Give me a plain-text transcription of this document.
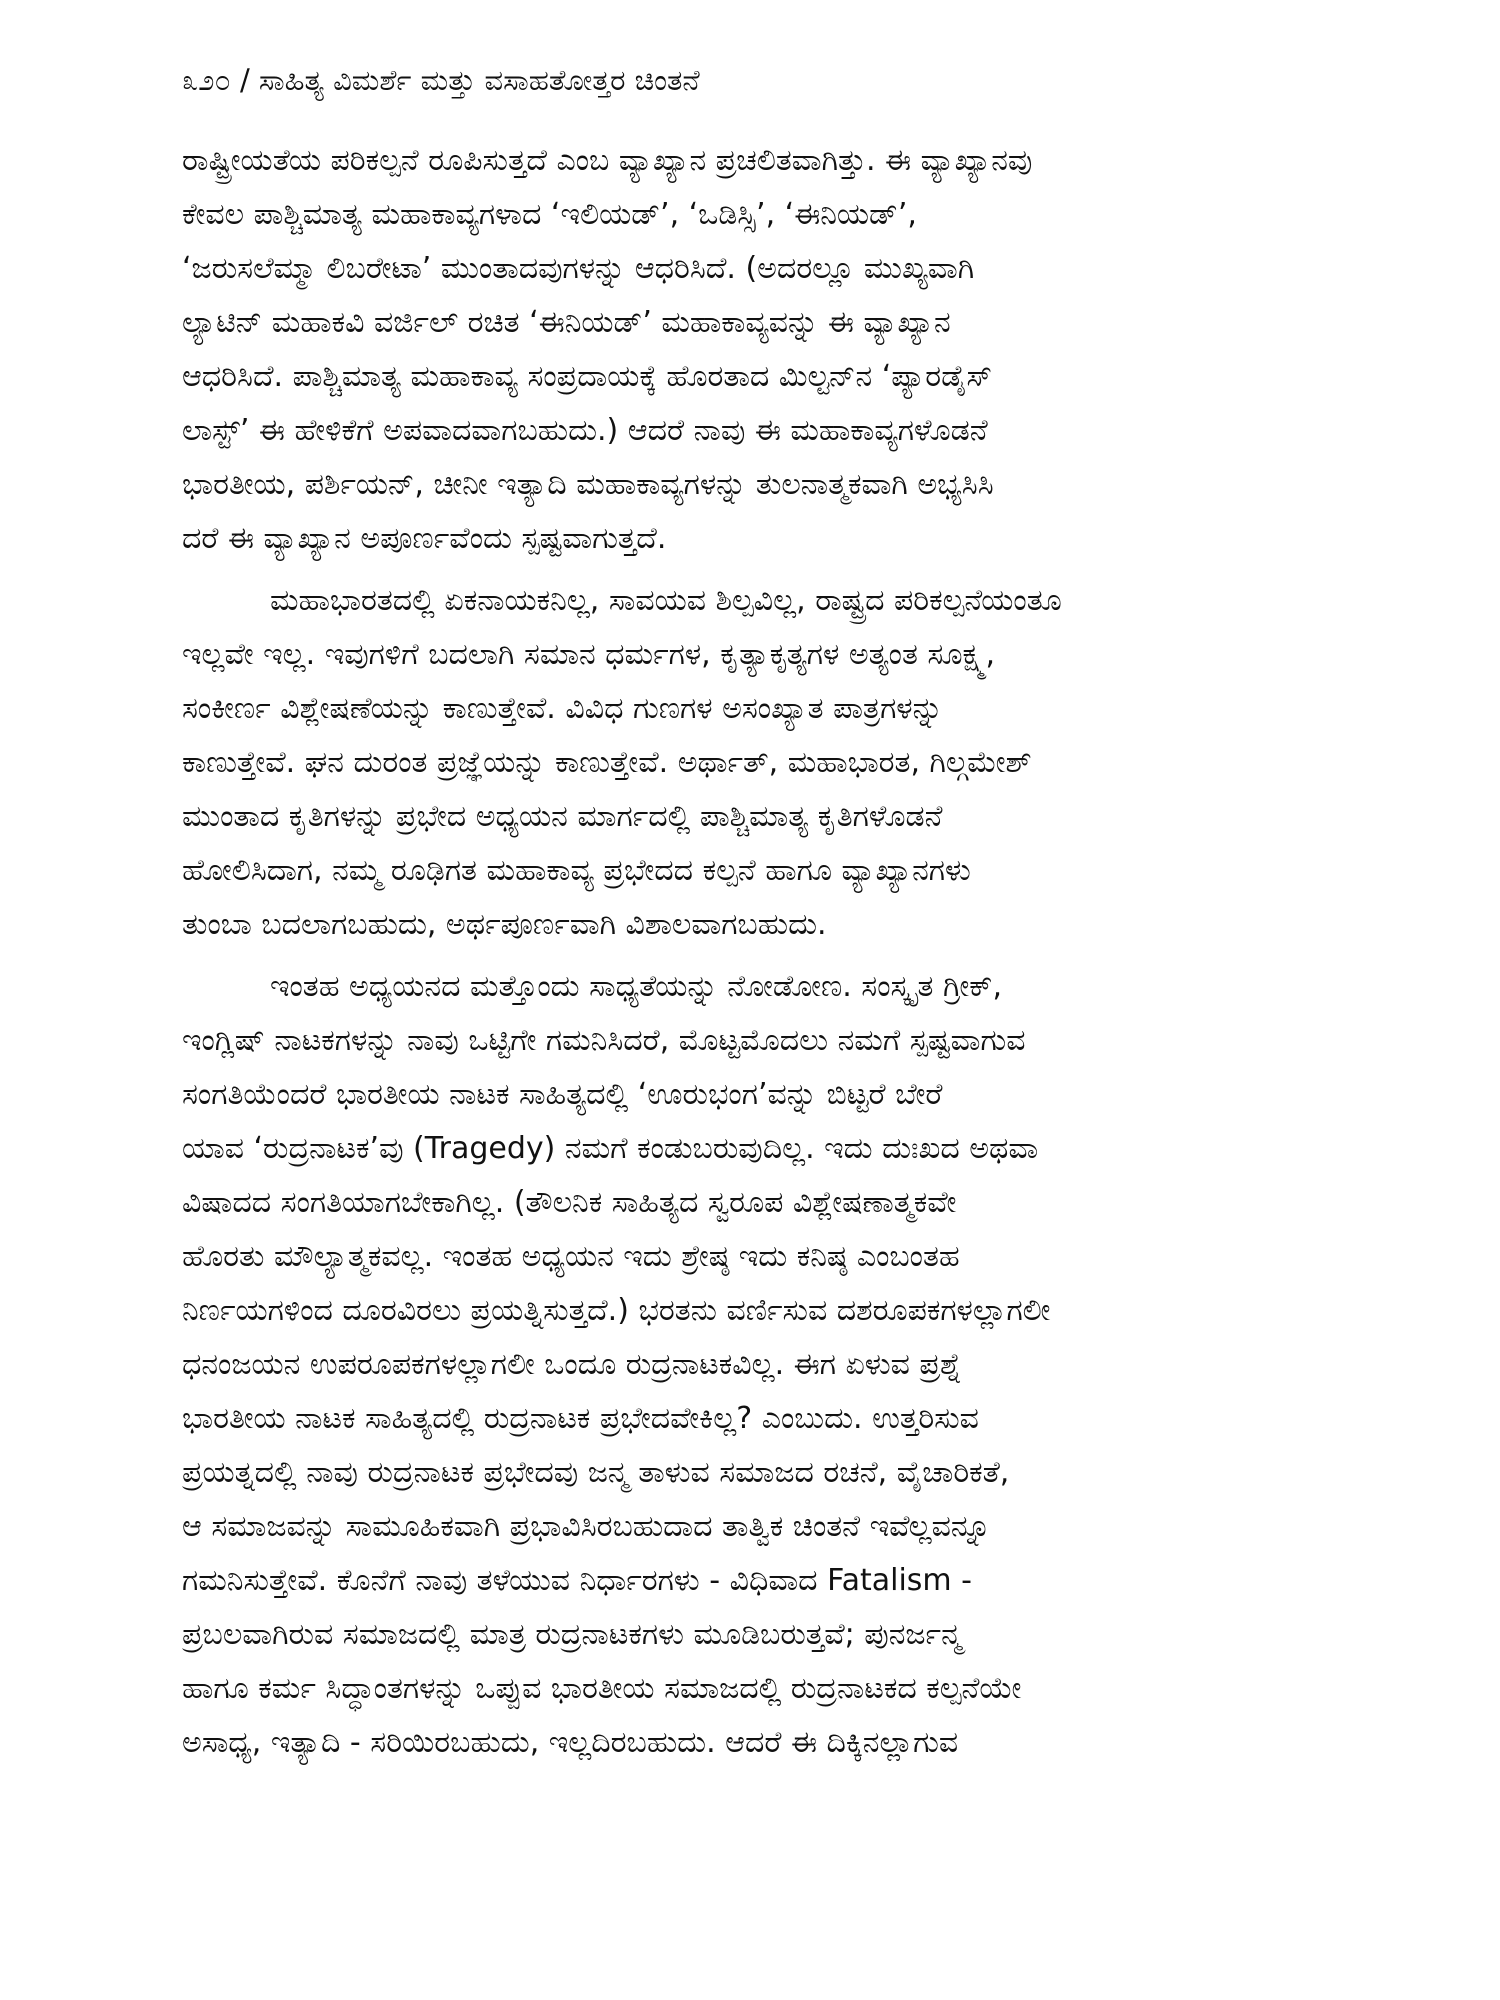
೩೨೦ / ಸಾಹಿತ್ಯ ವಿಮರ್ಶೆ ಮತ್ತು ವಸಾಹತೋತ್ತರ ಚಿಂತನೆ
ರಾಷ್ಟ್ರೀಯತೆಯ ಪರಿಕಲ್ಪನೆ ರೂಪಿಸುತ್ತದೆ ಎಂಬ ವ್ಯಾಖ್ಯಾನ ಪ್ರಚಲಿತವಾಗಿತ್ತು. ಈ ವ್ಯಾಖ್ಯಾನವು
ಕೇವಲ ಪಾಶ್ಚಿಮಾತ್ಯ ಮಹಾಕಾವ್ಯಗಳಾದ ‘ಇಲಿಯಡ್’, ‘ಒಡಿಸ್ಸಿ’, ‘ಈನಿಯಡ್’,
‘ಜರುಸಲೆಮ್ಮಾ ಲಿಬರೇಟಾ’ ಮುಂತಾದವುಗಳನ್ನು ಆಧರಿಸಿದೆ. (ಅದರಲ್ಲೂ ಮುಖ್ಯವಾಗಿ
ಲ್ಯಾಟಿನ್ ಮಹಾಕವಿ ವರ್ಜಿಲ್ ರಚಿತ ‘ಈನಿಯಡ್’ ಮಹಾಕಾವ್ಯವನ್ನು ಈ ವ್ಯಾಖ್ಯಾನ
ಆಧರಿಸಿದೆ. ಪಾಶ್ಚಿಮಾತ್ಯ ಮಹಾಕಾವ್ಯ ಸಂಪ್ರದಾಯಕ್ಕೆ ಹೊರತಾದ ಮಿಲ್ಟನ್‌ನ ‘ಪ್ಯಾರಡೈಸ್
ಲಾಸ್ಟ್’ ಈ ಹೇಳಿಕೆಗೆ ಅಪವಾದವಾಗಬಹುದು.) ಆದರೆ ನಾವು ಈ ಮಹಾಕಾವ್ಯಗಳೊಡನೆ
ಭಾರತೀಯ, ಪರ್ಶಿಯನ್, ಚೀನೀ ಇತ್ಯಾದಿ ಮಹಾಕಾವ್ಯಗಳನ್ನು ತುಲನಾತ್ಮಕವಾಗಿ ಅಭ್ಯಸಿಸಿ
ದರೆ ಈ ವ್ಯಾಖ್ಯಾನ ಅಪೂರ್ಣವೆಂದು ಸ್ಪಷ್ಟವಾಗುತ್ತದೆ.
ಮಹಾಭಾರತದಲ್ಲಿ ಏಕನಾಯಕನಿಲ್ಲ, ಸಾವಯವ ಶಿಲ್ಪವಿಲ್ಲ, ರಾಷ್ಟ್ರದ ಪರಿಕಲ್ಪನೆಯಂತೂ
ಇಲ್ಲವೇ ಇಲ್ಲ. ಇವುಗಳಿಗೆ ಬದಲಾಗಿ ಸಮಾನ ಧರ್ಮಗಳ, ಕೃತ್ಯಾಕೃತ್ಯಗಳ ಅತ್ಯಂತ ಸೂಕ್ಷ್ಮ,
ಸಂಕೀರ್ಣ ವಿಶ್ಲೇಷಣೆಯನ್ನು ಕಾಣುತ್ತೇವೆ. ವಿವಿಧ ಗುಣಗಳ ಅಸಂಖ್ಯಾತ ಪಾತ್ರಗಳನ್ನು
ಕಾಣುತ್ತೇವೆ. ಘನ ದುರಂತ ಪ್ರಜ್ಞೆಯನ್ನು ಕಾಣುತ್ತೇವೆ. ಅರ್ಥಾತ್, ಮಹಾಭಾರತ, ಗಿಲ್ಗಮೇಶ್
ಮುಂತಾದ ಕೃತಿಗಳನ್ನು ಪ್ರಭೇದ ಅಧ್ಯಯನ ಮಾರ್ಗದಲ್ಲಿ ಪಾಶ್ಚಿಮಾತ್ಯ ಕೃತಿಗಳೊಡನೆ
ಹೋಲಿಸಿದಾಗ, ನಮ್ಮ ರೂಢಿಗತ ಮಹಾಕಾವ್ಯ ಪ್ರಭೇದದ ಕಲ್ಪನೆ ಹಾಗೂ ವ್ಯಾಖ್ಯಾನಗಳು
ತುಂಬಾ ಬದಲಾಗಬಹುದು, ಅರ್ಥಪೂರ್ಣವಾಗಿ ವಿಶಾಲವಾಗಬಹುದು.
ಇಂತಹ ಅಧ್ಯಯನದ ಮತ್ತೊಂದು ಸಾಧ್ಯತೆಯನ್ನು ನೋಡೋಣ. ಸಂಸ್ಕೃತ ಗ್ರೀಕ್,
ಇಂಗ್ಲಿಷ್ ನಾಟಕಗಳನ್ನು ನಾವು ಒಟ್ಟಿಗೇ ಗಮನಿಸಿದರೆ, ಮೊಟ್ಟಮೊದಲು ನಮಗೆ ಸ್ಪಷ್ಟವಾಗುವ
ಸಂಗತಿಯೆಂದರೆ ಭಾರತೀಯ ನಾಟಕ ಸಾಹಿತ್ಯದಲ್ಲಿ ‘ಊರುಭಂಗ’ವನ್ನು ಬಿಟ್ಟರೆ ಬೇರೆ
ಯಾವ ‘ರುದ್ರನಾಟಕ’ವು (Tragedy) ನಮಗೆ ಕಂಡುಬರುವುದಿಲ್ಲ. ಇದು ದುಃಖದ ಅಥವಾ
ವಿಷಾದದ ಸಂಗತಿಯಾಗಬೇಕಾಗಿಲ್ಲ. (ತೌಲನಿಕ ಸಾಹಿತ್ಯದ ಸ್ವರೂಪ ವಿಶ್ಲೇಷಣಾತ್ಮಕವೇ
ಹೊರತು ಮೌಲ್ಯಾತ್ಮಕವಲ್ಲ. ಇಂತಹ ಅಧ್ಯಯನ ಇದು ಶ್ರೇಷ್ಠ ಇದು ಕನಿಷ್ಠ ಎಂಬಂತಹ
ನಿರ್ಣಯಗಳಿಂದ ದೂರವಿರಲು ಪ್ರಯತ್ನಿಸುತ್ತದೆ.) ಭರತನು ವರ್ಣಿಸುವ ದಶರೂಪಕಗಳಲ್ಲಾಗಲೀ
ಧನಂಜಯನ ಉಪರೂಪಕಗಳಲ್ಲಾಗಲೀ ಒಂದೂ ರುದ್ರನಾಟಕವಿಲ್ಲ. ಈಗ ಏಳುವ ಪ್ರಶ್ನೆ
ಭಾರತೀಯ ನಾಟಕ ಸಾಹಿತ್ಯದಲ್ಲಿ ರುದ್ರನಾಟಕ ಪ್ರಭೇದವೇಕಿಲ್ಲ? ಎಂಬುದು. ಉತ್ತರಿಸುವ
ಪ್ರಯತ್ನದಲ್ಲಿ ನಾವು ರುದ್ರನಾಟಕ ಪ್ರಭೇದವು ಜನ್ಮ ತಾಳುವ ಸಮಾಜದ ರಚನೆ, ವೈಚಾರಿಕತೆ,
ಆ ಸಮಾಜವನ್ನು ಸಾಮೂಹಿಕವಾಗಿ ಪ್ರಭಾವಿಸಿರಬಹುದಾದ ತಾತ್ವಿಕ ಚಿಂತನೆ ಇವೆಲ್ಲವನ್ನೂ
ಗಮನಿಸುತ್ತೇವೆ. ಕೊನೆಗೆ ನಾವು ತಳೆಯುವ ನಿರ್ಧಾರಗಳು - ವಿಧಿವಾದ Fatalism -
ಪ್ರಬಲವಾಗಿರುವ ಸಮಾಜದಲ್ಲಿ ಮಾತ್ರ ರುದ್ರನಾಟಕಗಳು ಮೂಡಿಬರುತ್ತವೆ; ಪುನರ್ಜನ್ಮ
ಹಾಗೂ ಕರ್ಮ ಸಿದ್ಧಾಂತಗಳನ್ನು ಒಪ್ಪುವ ಭಾರತೀಯ ಸಮಾಜದಲ್ಲಿ ರುದ್ರನಾಟಕದ ಕಲ್ಪನೆಯೇ
ಅಸಾಧ್ಯ, ಇತ್ಯಾದಿ - ಸರಿಯಿರಬಹುದು, ಇಲ್ಲದಿರಬಹುದು. ಆದರೆ ಈ ದಿಕ್ಕಿನಲ್ಲಾಗುವ
